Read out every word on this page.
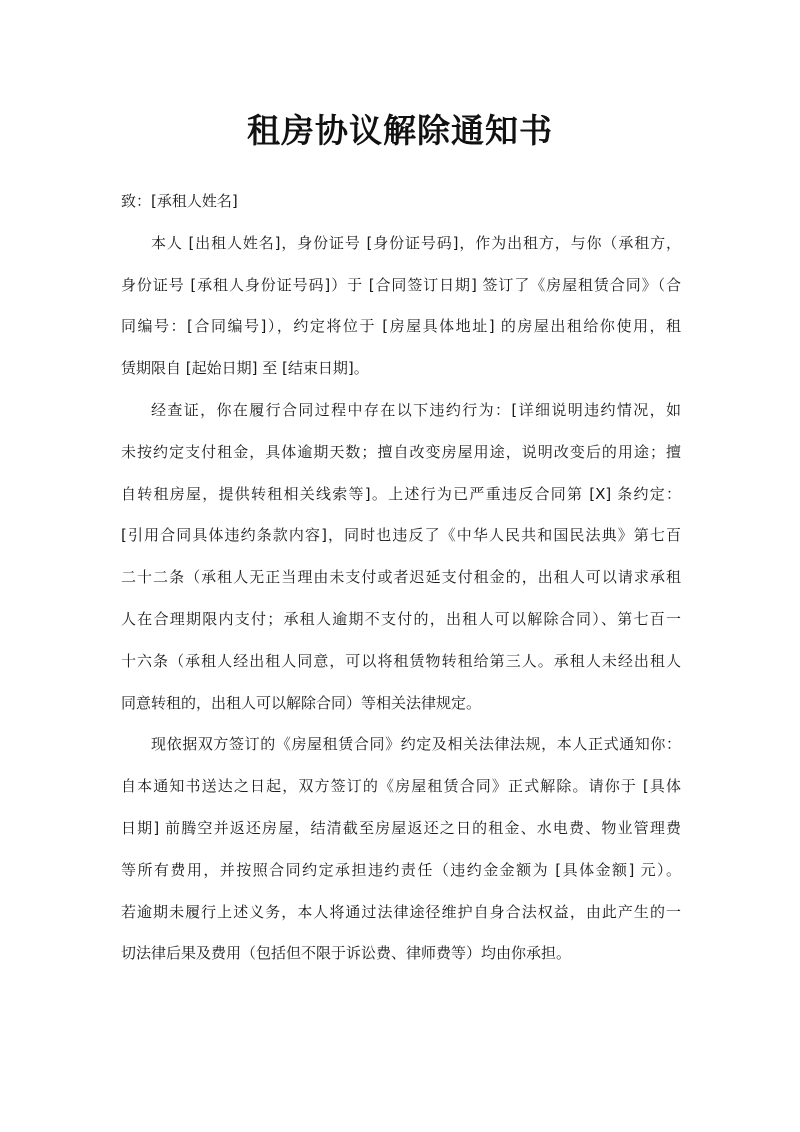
租房协议解除通知书
致：[承租人姓名]
本人 [出租人姓名]，身份证号 [身份证号码]，作为出租方，与你（承租方，
身份证号 [承租人身份证号码]）于 [合同签订日期] 签订了《房屋租赁合同》（合
同编号：[合同编号]），约定将位于 [房屋具体地址] 的房屋出租给你使用，租
赁期限自 [起始日期] 至 [结束日期]。
经查证，你在履行合同过程中存在以下违约行为：[详细说明违约情况，如
未按约定支付租金，具体逾期天数；擅自改变房屋用途，说明改变后的用途；擅
自转租房屋，提供转租相关线索等]。上述行为已严重违反合同第 [X] 条约定：
[引用合同具体违约条款内容]，同时也违反了《中华人民共和国民法典》第七百
二十二条（承租人无正当理由未支付或者迟延支付租金的，出租人可以请求承租
人在合理期限内支付；承租人逾期不支付的，出租人可以解除合同）、第七百一
十六条（承租人经出租人同意，可以将租赁物转租给第三人。承租人未经出租人
同意转租的，出租人可以解除合同）等相关法律规定。
现依据双方签订的《房屋租赁合同》约定及相关法律法规，本人正式通知你：
自本通知书送达之日起，双方签订的《房屋租赁合同》正式解除。请你于 [具体
日期] 前腾空并返还房屋，结清截至房屋返还之日的租金、水电费、物业管理费
等所有费用，并按照合同约定承担违约责任（违约金金额为 [具体金额] 元）。
若逾期未履行上述义务，本人将通过法律途径维护自身合法权益，由此产生的一
切法律后果及费用（包括但不限于诉讼费、律师费等）均由你承担。
